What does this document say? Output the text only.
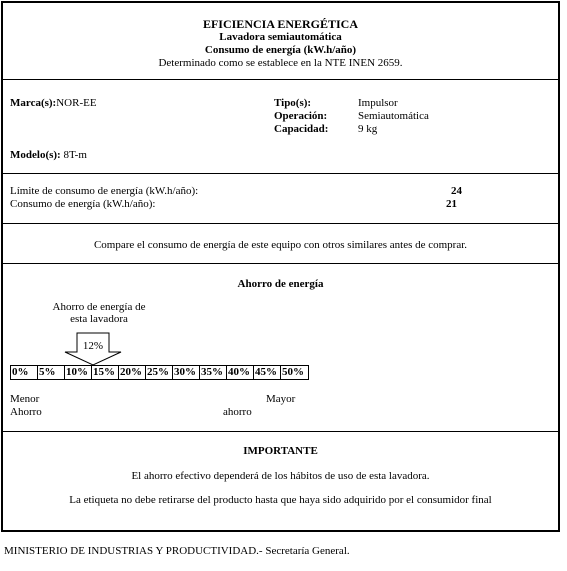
EFICIENCIA ENERGÉTICA
Lavadora semiautomática
Consumo de energía (kW.h/año)
Determinado como se establece en la NTE INEN 2659.
Marca(s):NOR-EE
Modelo(s): 8T-m
Tipo(s):	Impulsor
Operación:	Semiautomática
Capacidad:	9 kg
Límite de consumo de energía (kW.h/año):	24
Consumo de energía (kW.h/año):	21
Compare el consumo de energía de este equipo con otros similares antes de comprar.
Ahorro de energía
Ahorro de energía de
esta lavadora
12%
0% 5% 10% 15% 20% 25% 30% 35% 40% 45% 50%
Menor
Ahorro	ahorro
Mayor
IMPORTANTE
El ahorro efectivo dependerá de los hábitos de uso de esta lavadora.
La etiqueta no debe retirarse del producto hasta que haya sido adquirido por el consumidor final
MINISTERIO DE INDUSTRIAS Y PRODUCTIVIDAD.- Secretaría General.
